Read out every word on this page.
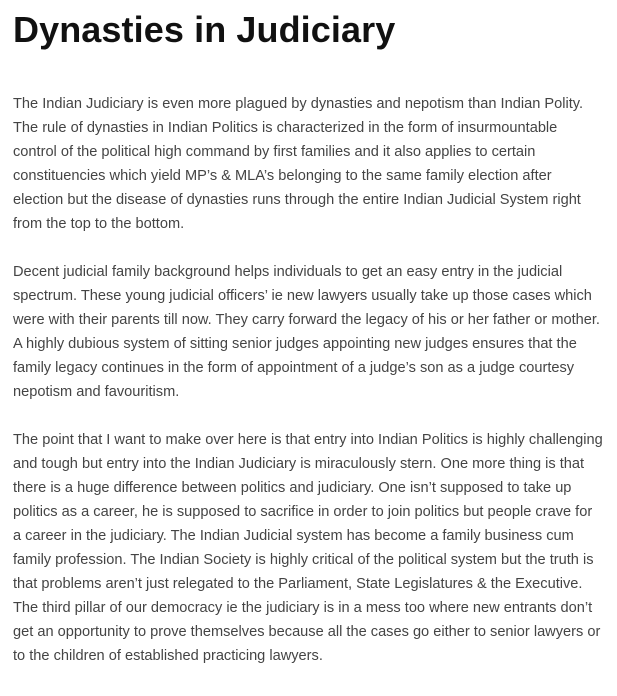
Dynasties in Judiciary

The Indian Judiciary is even more plagued by dynasties and nepotism than Indian Polity. The rule of dynasties in Indian Politics is characterized in the form of insurmountable control of the political high command by first families and it also applies to certain constituencies which yield MP’s & MLA’s belonging to the same family election after election but the disease of dynasties runs through the entire Indian Judicial System right from the top to the bottom.

Decent judicial family background helps individuals to get an easy entry in the judicial spectrum. These young judicial officers’ ie new lawyers usually take up those cases which were with their parents till now. They carry forward the legacy of his or her father or mother. A highly dubious system of sitting senior judges appointing new judges ensures that the family legacy continues in the form of appointment of a judge’s son as a judge courtesy nepotism and favouritism.

The point that I want to make over here is that entry into Indian Politics is highly challenging and tough but entry into the Indian Judiciary is miraculously stern. One more thing is that there is a huge difference between politics and judiciary. One isn’t supposed to take up politics as a career, he is supposed to sacrifice in order to join politics but people crave for a career in the judiciary. The Indian Judicial system has become a family business cum family profession. The Indian Society is highly critical of the political system but the truth is that problems aren’t just relegated to the Parliament, State Legislatures & the Executive. The third pillar of our democracy ie the judiciary is in a mess too where new entrants don’t get an opportunity to prove themselves because all the cases go either to senior lawyers or to the children of established practicing lawyers.
